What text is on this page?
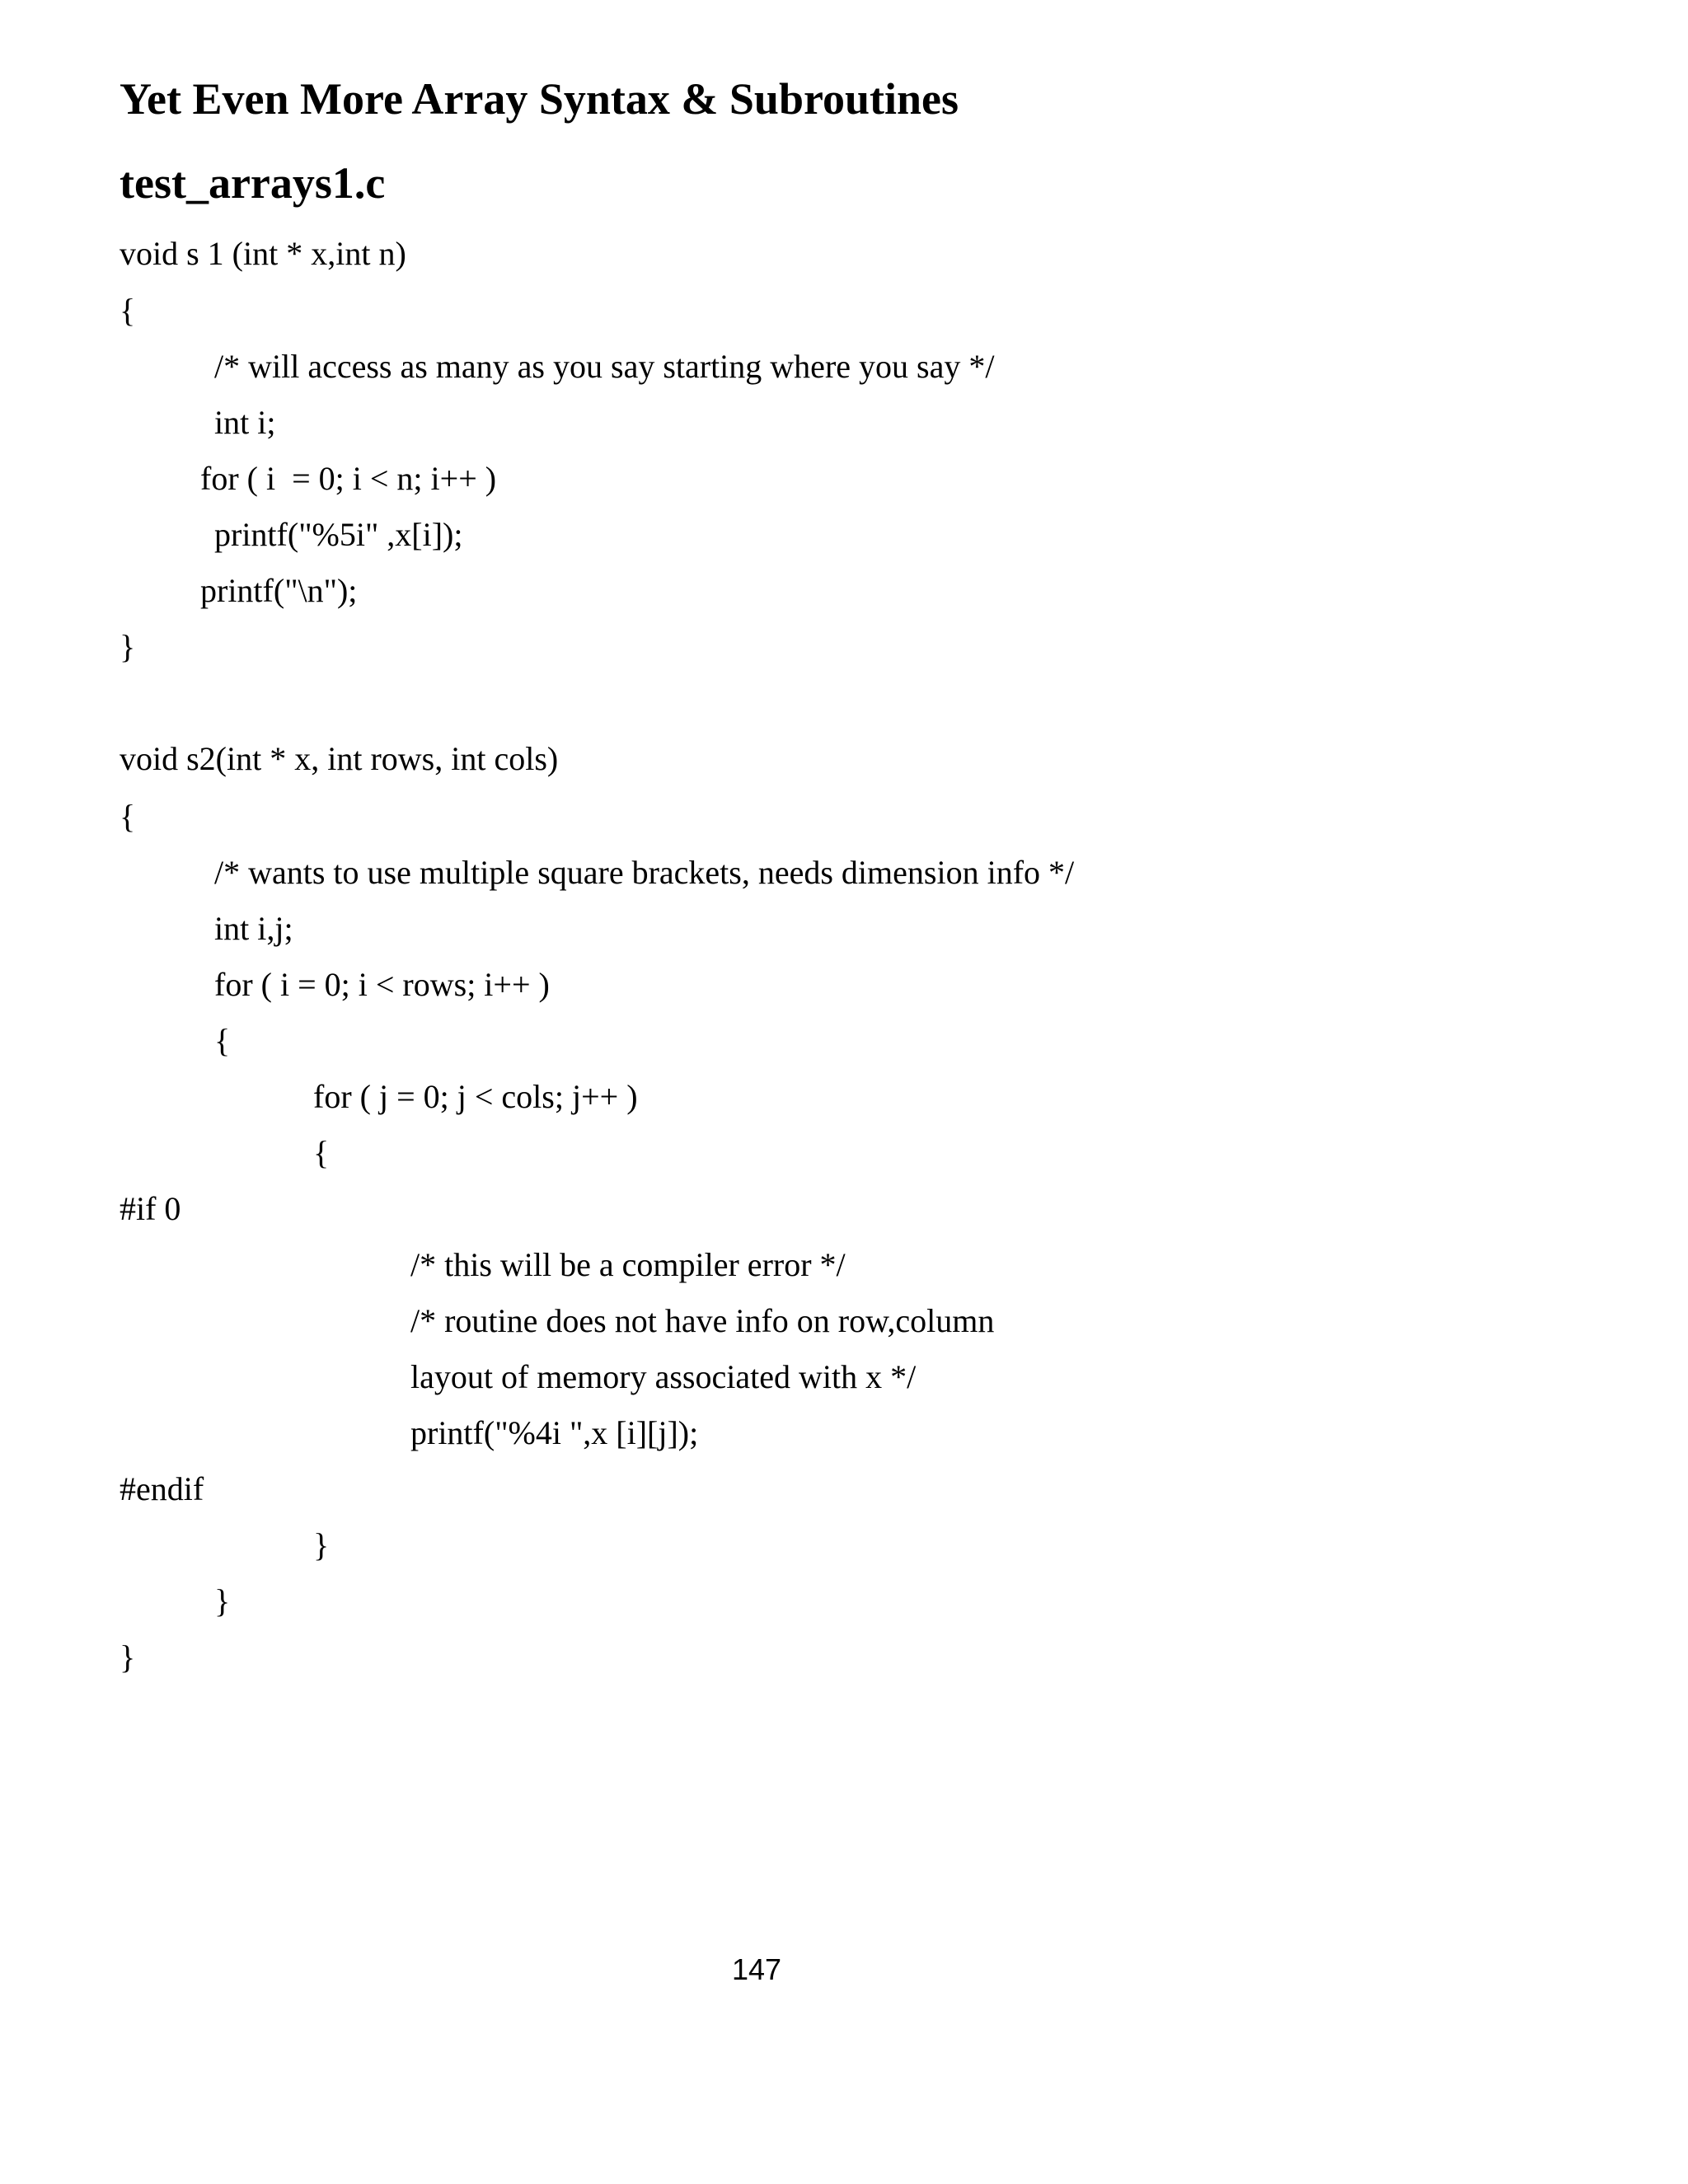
Yet Even More Array Syntax & Subroutines
test_arrays1.c
void s 1 (int * x,int n)
{
/* will access as many as you say starting where you say */
int i;
for ( i  = 0; i < n; i++ )
printf("%5i" ,x[i]);
printf("\n");
}
void s2(int * x, int rows, int cols)
{
/* wants to use multiple square brackets, needs dimension info */
int i,j;
for ( i = 0; i < rows; i++ )
{
for ( j = 0; j < cols; j++ )
{
#if 0
/* this will be a compiler error */
/* routine does not have info on row,column
layout of memory associated with x */
printf("%4i ",x [i][j]);
#endif
}
}
}
147
